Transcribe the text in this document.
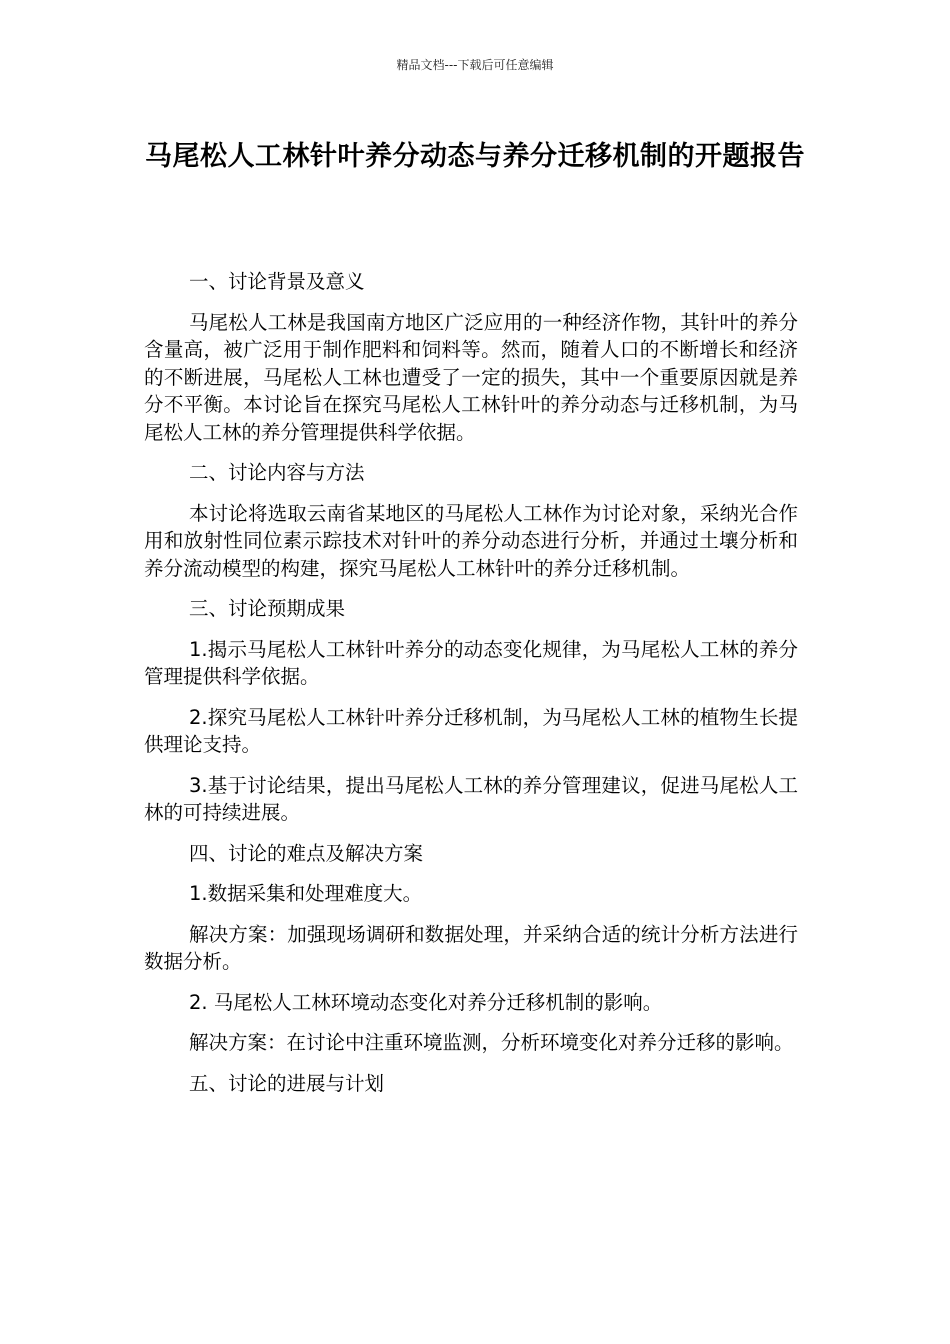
精品文档---下载后可任意编辑
马尾松人工林针叶养分动态与养分迁移机制的开题报告

一、讨论背景及意义

马尾松人工林是我国南方地区广泛应用的一种经济作物，其针叶的养分含量高，被广泛用于制作肥料和饲料等。然而，随着人口的不断增长和经济的不断进展，马尾松人工林也遭受了一定的损失，其中一个重要原因就是养分不平衡。本讨论旨在探究马尾松人工林针叶的养分动态与迁移机制，为马尾松人工林的养分管理提供科学依据。

二、讨论内容与方法

本讨论将选取云南省某地区的马尾松人工林作为讨论对象，采纳光合作用和放射性同位素示踪技术对针叶的养分动态进行分析，并通过土壤分析和养分流动模型的构建，探究马尾松人工林针叶的养分迁移机制。

三、讨论预期成果

1.揭示马尾松人工林针叶养分的动态变化规律，为马尾松人工林的养分管理提供科学依据。

2.探究马尾松人工林针叶养分迁移机制，为马尾松人工林的植物生长提供理论支持。

3.基于讨论结果，提出马尾松人工林的养分管理建议，促进马尾松人工林的可持续进展。

四、讨论的难点及解决方案

1.数据采集和处理难度大。

解决方案：加强现场调研和数据处理，并采纳合适的统计分析方法进行数据分析。

2. 马尾松人工林环境动态变化对养分迁移机制的影响。

解决方案：在讨论中注重环境监测，分析环境变化对养分迁移的影响。

五、讨论的进展与计划
